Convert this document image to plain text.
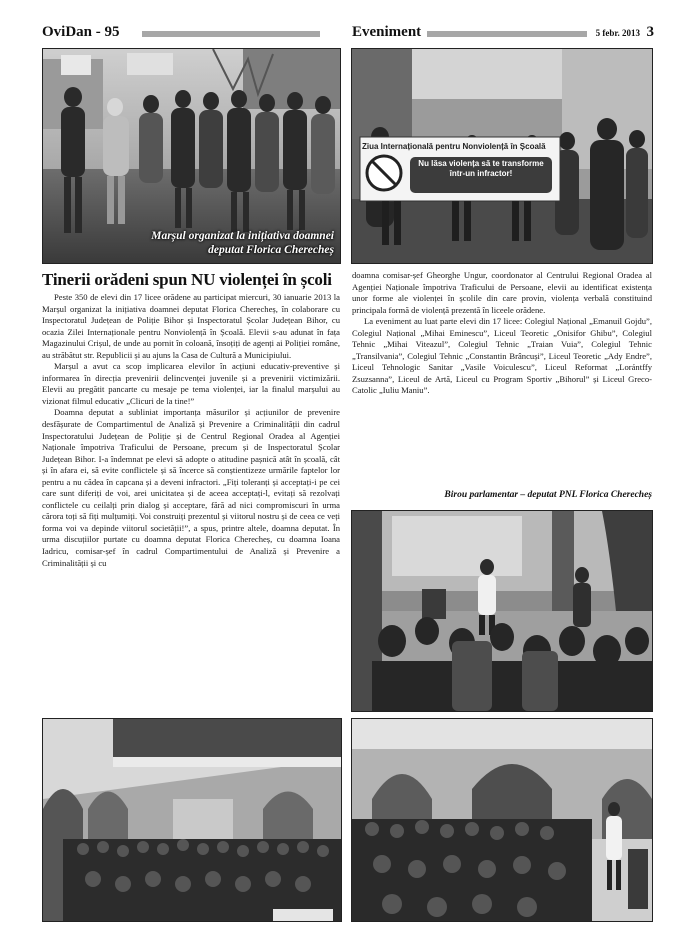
OviDan - 95	Eveniment	5 febr. 2013 3
Marșul organizat la inițiativa doamnei deputat Florica Cherecheș
Ziua Internațională pentru Nonviolență în Școală
Nu lăsa violența să te transforme într-un infractor!
Tinerii orădeni spun NU violenței în școli

Peste 350 de elevi din 17 licee orădene au participat miercuri, 30 ianuarie 2013 la Marșul organizat la inițiativa doamnei deputat Florica Cherecheș, în colaborare cu Inspectoratul Județean de Poliție Bihor și Inspectoratul Școlar Județean Bihor, cu ocazia Zilei Internaționale pentru Nonviolență în Școală. Elevii s-au adunat în fața Magazinului Crișul, de unde au pornit în coloană, însoțiți de agenți ai Poliției române, au străbătut str. Republicii și au ajuns la Casa de Cultură a Municipiului.

Marșul a avut ca scop implicarea elevilor în acțiuni educativ-preventive și informarea în direcția prevenirii delincvenței juvenile și a prevenirii victimizării. Elevii au pregătit pancarte cu mesaje pe tema violenței, iar la finalul marșului au vizionat filmul educativ „Clicuri de la tine!”

Doamna deputat a subliniat importanța măsurilor și acțiunilor de prevenire desfășurate de Compartimentul de Analiză și Prevenire a Criminalității din cadrul Inspectoratului Județean de Poliție și de Centrul Regional Oradea al Agenției Naționale împotriva Traficului de Persoane, precum și de Inspectoratul Școlar Județean Bihor. I-a îndemnat pe elevi să adopte o atitudine pașnică atât în școală, cât și în afara ei, să evite conflictele și să încerce să conștientizeze urmările faptelor lor pentru a nu cădea în capcana și a deveni infractori. „Fiți toleranți și acceptați-i pe cei care sunt diferiți de voi, arei unicitatea și de aceea acceptați-l, evitați să rezolvați conflictele cu ceilalți prin dialog și acceptare, fără ad nici compromiscuri în urma cărora toți să fiți mulțumiți. Voi construiți prezentul și viitorul nostru și de ceea ce veți forma voi va depinde viitorul societății!”, a spus, printre altele, doamna deputat. În urma discuțiilor purtate cu doamna deputat Florica Cherecheș, cu doamna Ioana Iadricu, comisar-șef în cadrul Compartimentului de Analiză și Prevenire a Criminalității și cu

doamna comisar-șef Gheorghe Ungur, coordonator al Centrului Regional Oradea al Agenției Naționale împotriva Traficului de Persoane, elevii au identificat existența unor forme ale violenței în școlile din care provin, violența verbală constituind principala formă de violență prezentă în liceele orădene.

La eveniment au luat parte elevi din 17 licee: Colegiul Național „Emanuil Gojdu”, Colegiul Național „Mihai Eminescu”, Liceul Teoretic „Onisifor Ghibu”, Colegiul Tehnic „Mihai Viteazul”, Colegiul Tehnic „Traian Vuia”, Colegiul Tehnic „Transilvania”, Colegiul Tehnic „Constantin Brâncuși”, Liceul Teoretic „Ady Endre”, Liceul Tehnologic Sanitar „Vasile Voiculescu”, Liceul Reformat „Lorántffy Zsuzsanna”, Liceul de Artă, Liceul cu Program Sportiv „Bihorul” și Liceul Greco-Catolic „Iuliu Maniu”.

Birou parlamentar – deputat PNL Florica Cherecheș
